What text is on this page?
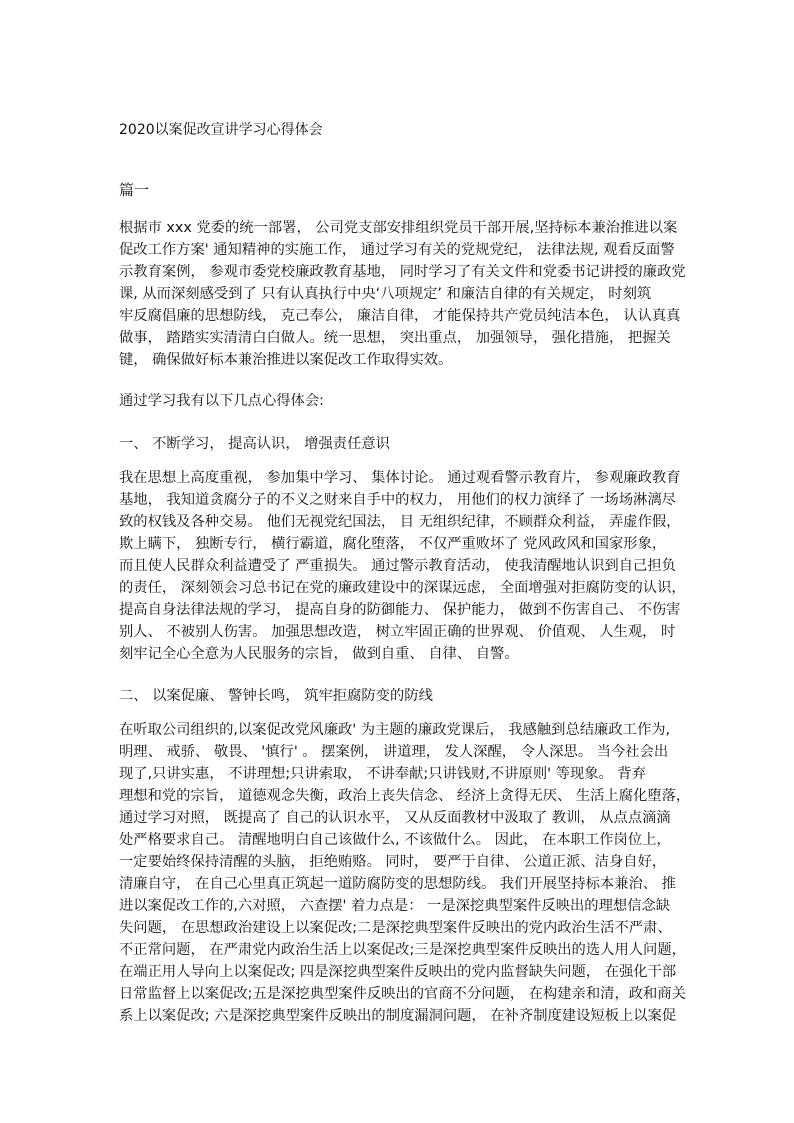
2020以案促改宣讲学习心得体会
篇一
根据市 xxx 党委的统一部署， 公司党支部安排组织党员干部开展,坚持标本兼治推进以案
促改工作方案' 通知精神的实施工作， 通过学习有关的党规党纪， 法律法规, 观看反面警
示教育案例， 参观市委党校廉政教育基地， 同时学习了有关文件和党委书记讲授的廉政党
课, 从而深刻感受到了 只有认真执行中央‘八项规定’ 和廉洁自律的有关规定， 时刻筑
牢反腐倡廉的思想防线， 克己奉公， 廉洁自律， 才能保持共产党员纯洁本色， 认认真真
做事， 踏踏实实清清白白做人。统一思想， 突出重点， 加强领导， 强化措施， 把握关
键， 确保做好标本兼治推进以案促改工作取得实效。
通过学习我有以下几点心得体会:
一、 不断学习， 提高认识， 增强责任意识
我在思想上高度重视， 参加集中学习、 集体讨论。 通过观看警示教育片， 参观廉政教育
基地， 我知道贪腐分子的不义之财来自手中的权力， 用他们的权力演绎了 一场场淋漓尽
致的权钱及各种交易。 他们无视党纪国法， 目 无组织纪律，不顾群众利益， 弄虚作假，
欺上瞒下， 独断专行， 横行霸道，腐化堕落， 不仅严重败坏了 党风政风和国家形象，
而且使人民群众利益遭受了 严重损失。 通过警示教育活动， 使我清醒地认识到自己担负
的责任， 深刻领会习总书记在党的廉政建设中的深谋远虑， 全面增强对拒腐防变的认识，
提高自身法律法规的学习， 提高自身的防御能力、 保护能力， 做到不伤害自己、 不伤害
别人、 不被别人伤害。 加强思想改造， 树立牢固正确的世界观、 价值观、 人生观， 时
刻牢记全心全意为人民服务的宗旨， 做到自重、 自律、 自警。
二、 以案促廉、 警钟长鸣， 筑牢拒腐防变的防线
在听取公司组织的,以案促改党风廉政' 为主题的廉政党课后， 我感触到总结廉政工作为,
明理、 戒骄、 敬畏、 '慎行' 。 摆案例， 讲道理， 发人深醒， 令人深思。 当今社会出
现了,只讲实惠， 不讲理想;只讲索取， 不讲奉献;只讲钱财,不讲原则' 等现象。 背弃
理想和党的宗旨， 道德观念失衡，政治上丧失信念、 经济上贪得无厌、 生活上腐化堕落，
通过学习对照， 既提高了 自己的认识水平， 又从反面教材中汲取了 教训， 从点点滴滴
处严格要求自己。 清醒地明白自己该做什么, 不该做什么。 因此， 在本职工作岗位上，
一定要始终保持清醒的头脑， 拒绝贿赂。 同时， 要严于自律、 公道正派、洁身自好，
清廉自守， 在自己心里真正筑起一道防腐防变的思想防线。 我们开展坚持标本兼治、 推
进以案促改工作的,六对照， 六查摆' 着力点是： 一是深挖典型案件反映出的理想信念缺
失问题， 在思想政治建设上以案促改;二是深挖典型案件反映出的党内政治生活不严肃、
不正常问题， 在严肃党内政治生活上以案促改;三是深挖典型案件反映出的选人用人问题，
在端正用人导向上以案促改; 四是深挖典型案件反映出的党内监督缺失问题， 在强化干部
日常监督上以案促改;五是深挖典型案件反映出的官商不分问题， 在构建亲和清，政和商关
系上以案促改; 六是深挖典型案件反映出的制度漏洞问题， 在补齐制度建设短板上以案促
